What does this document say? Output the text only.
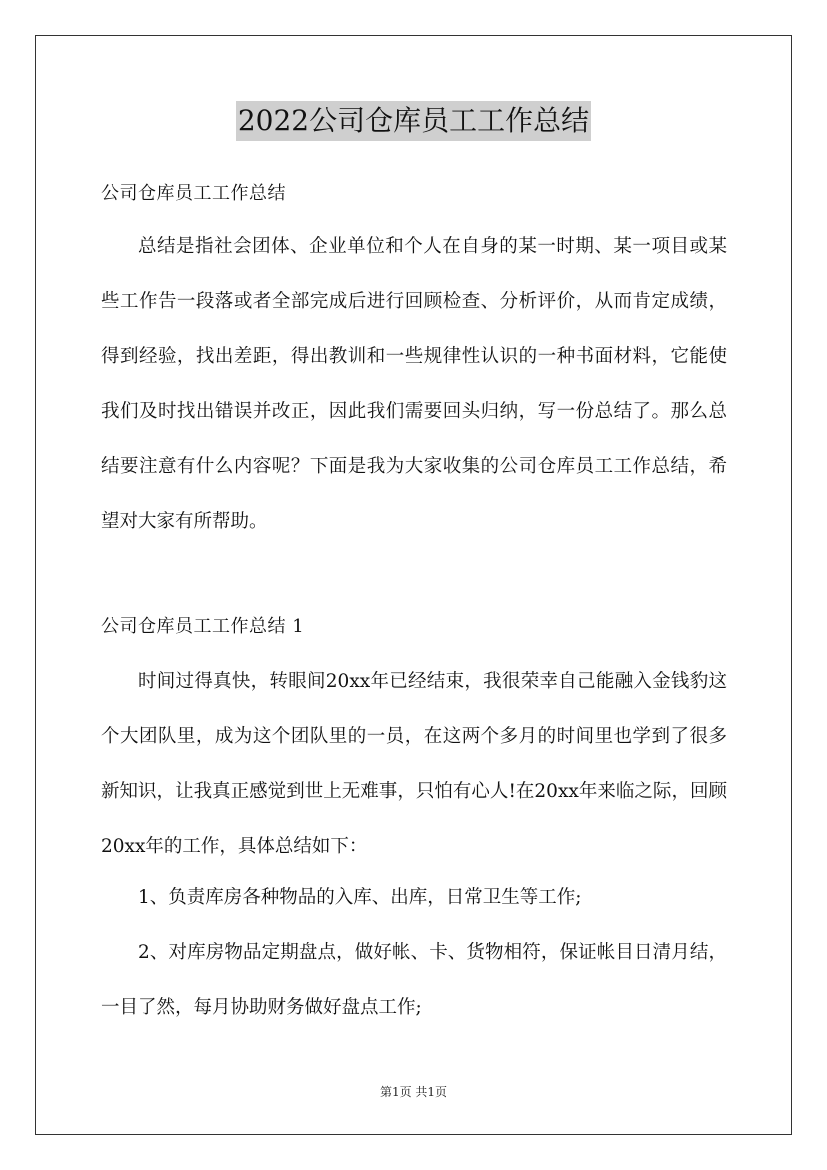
2022公司仓库员工工作总结
公司仓库员工工作总结

总结是指社会团体、企业单位和个人在自身的某一时期、某一项目或某些工作告一段落或者全部完成后进行回顾检查、分析评价，从而肯定成绩，得到经验，找出差距，得出教训和一些规律性认识的一种书面材料，它能使我们及时找出错误并改正，因此我们需要回头归纳，写一份总结了。那么总结要注意有什么内容呢？下面是我为大家收集的公司仓库员工工作总结，希望对大家有所帮助。

公司仓库员工工作总结 1

时间过得真快，转眼间20xx年已经结束，我很荣幸自己能融入金钱豹这个大团队里，成为这个团队里的一员，在这两个多月的时间里也学到了很多新知识，让我真正感觉到世上无难事，只怕有心人!在20xx年来临之际，回顾20xx年的工作，具体总结如下：

1、负责库房各种物品的入库、出库，日常卫生等工作;

2、对库房物品定期盘点，做好帐、卡、货物相符，保证帐目日清月结，一目了然，每月协助财务做好盘点工作;

第1页 共1页
